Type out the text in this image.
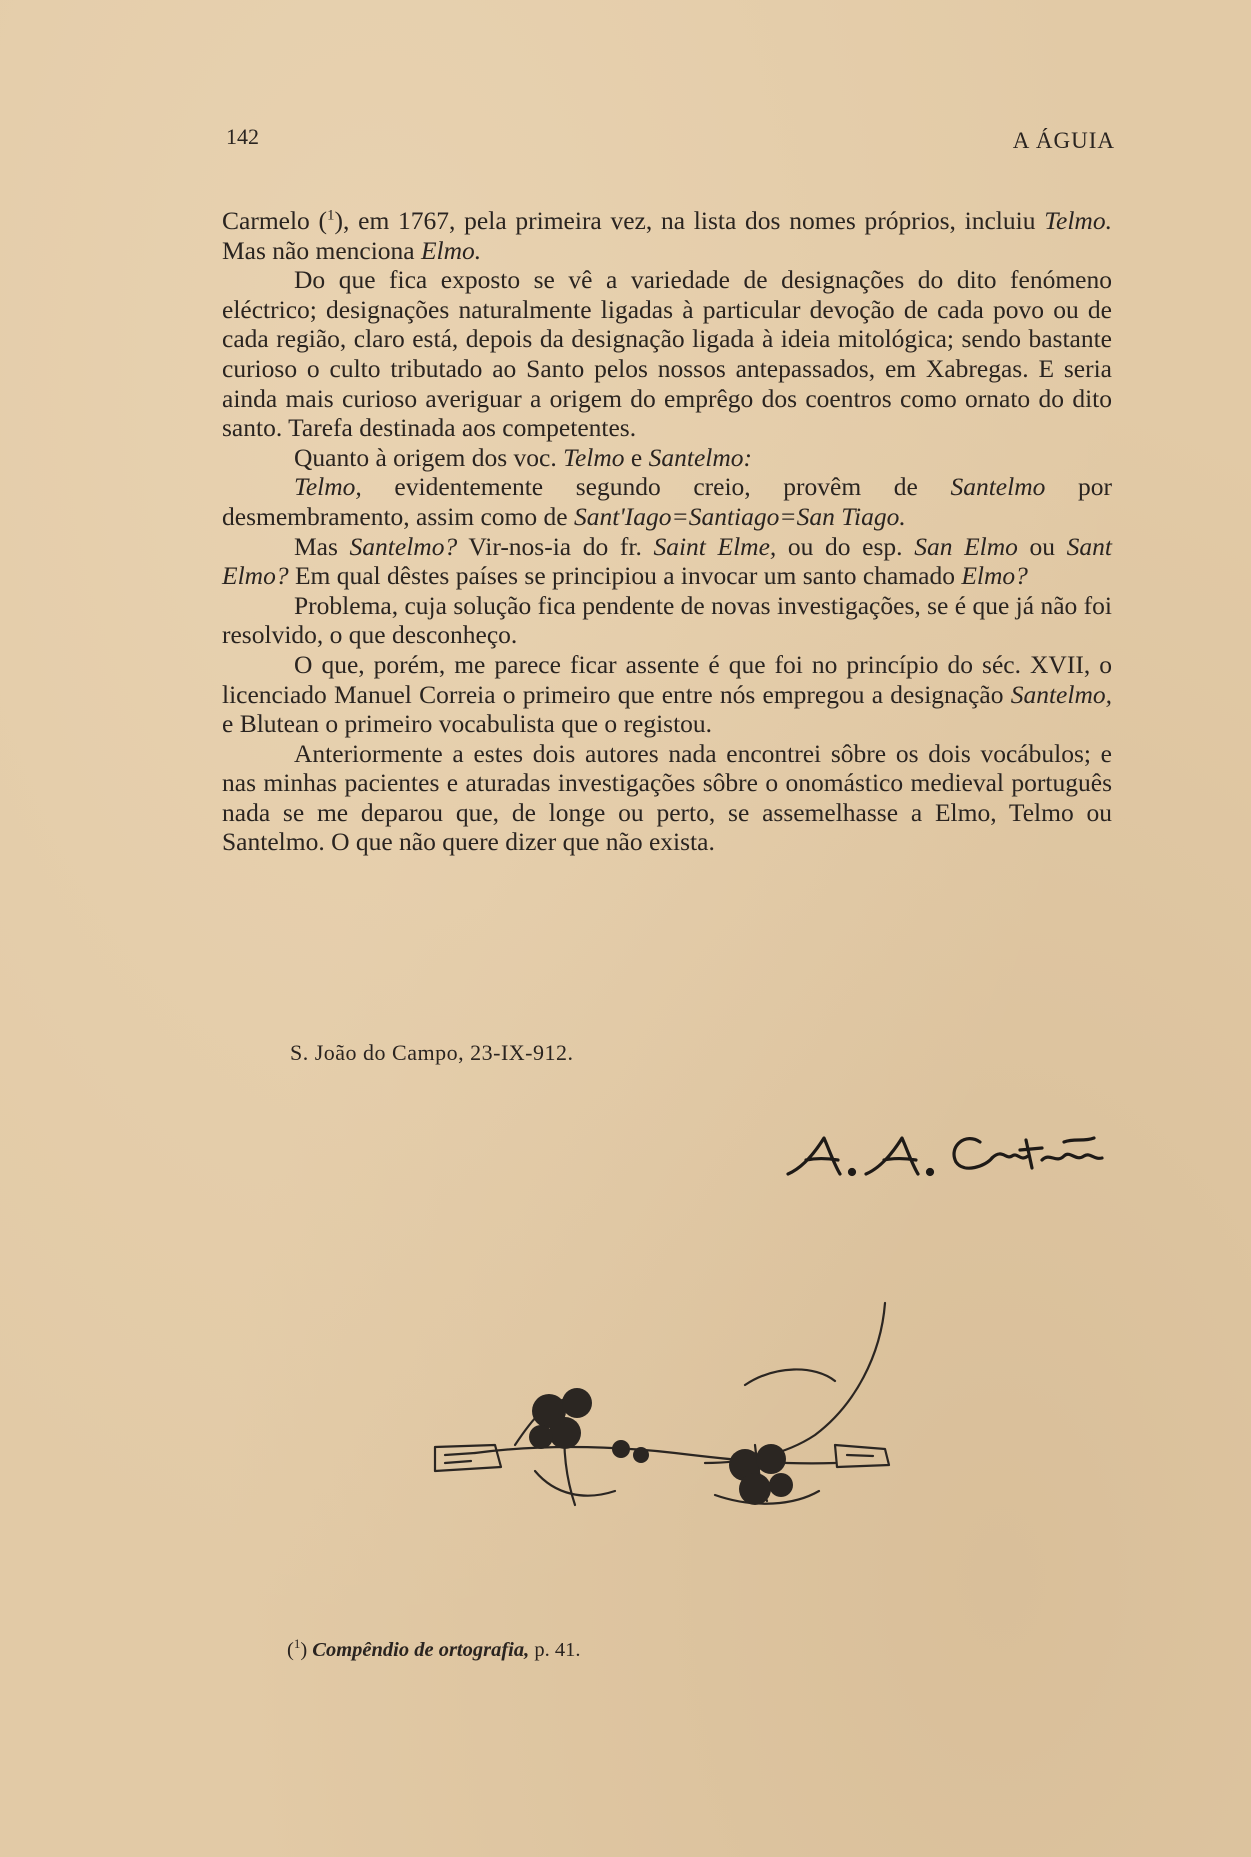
142	A ÁGUIA

Carmelo ($^1$), em 1767, pela primeira vez, na lista dos nomes próprios, incluiu Telmo. Mas não menciona Elmo.

Do que fica exposto se vê a variedade de designações do dito fenómeno eléctrico; designações naturalmente ligadas à particular devoção de cada povo ou de cada região, claro está, depois da designação ligada à ideia mitológica; sendo bastante curioso o culto tributado ao Santo pelos nossos antepassados, em Xabregas. E seria ainda mais curioso averiguar a origem do emprêgo dos coentros como ornato do dito santo. Tarefa destinada aos competentes.

Quanto à origem dos voc. Telmo e Santelmo:

Telmo, evidentemente segundo creio, provêm de Santelmo por desmembramento, assim como de Sant'Iago=Santiago=San Tiago.

Mas Santelmo? Vir-nos-ia do fr. Saint Elme, ou do esp. San Elmo ou Sant Elmo? Em qual dêstes países se principiou a invocar um santo chamado Elmo?

Problema, cuja solução fica pendente de novas investigações, se é que já não foi resolvido, o que desconheço.

O que, porém, me parece ficar assente é que foi no princípio do séc. XVII, o licenciado Manuel Correia o primeiro que entre nós empregou a designação Santelmo, e Blutean o primeiro vocabulista que o registou.

Anteriormente a estes dois autores nada encontrei sôbre os dois vocábulos; e nas minhas pacientes e aturadas investigações sôbre o onomástico medieval português nada se me deparou que, de longe ou perto, se assemelhasse a Elmo, Telmo ou Santelmo. O que não quere dizer que não exista.

S. João do Campo, 23-IX-912.
($^1$) Compêndio de ortografia, p. 41.
